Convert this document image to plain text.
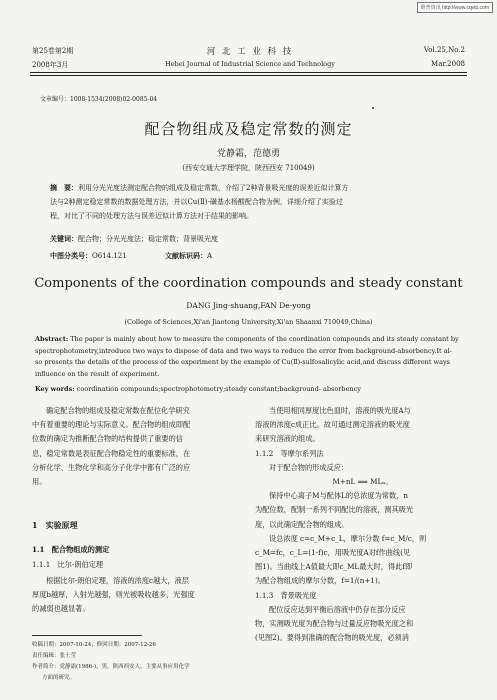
维普资讯 http://www.cqvip.com
第25卷第2期
2008年3月
河 北 工 业 科 技
Hebei Journal of Industrial Science and Technology
Vol.25,No.2
Mar.2008
文章编号：1008-1534(2008)02-0085-04
配合物组成及稳定常数的测定
党静霜，范德勇
(西安交通大学理学院，陕西西安 710049)
摘　要：利用分光光度法测定配合物的组成及稳定常数，介绍了2种背景吸光度的误差近似计算方
法与2种测定稳定常数的数据处理方法，并以Cu(Ⅱ)-磺基水杨酸配合物为例，详细介绍了实验过
程，对比了不同的处理方法与误差近似计算方法对于结果的影响。
关键词：配合物；分光光度法；稳定常数；背景吸光度
中图分类号：O614.121	文献标识码：A
Components of the coordination compounds and steady constant
DANG Jing-shuang,FAN De-yong
(College of Sciences,Xi'an Jiaotong University,Xi'an Shaanxi 710049,China)
Abstract: The paper is mainly about how to measure the components of the coordination compounds and its steady constant by
spectrophotometry,introduce two ways to dispose of data and two ways to reduce the error from background-absorbency.It al-
so presents the details of the process of the experiment by the example of Cu(Ⅱ)-sulfosalicylic acid,and discuss different ways
influence on the result of experiment.
Key words: coordination compounds;spectrophotometry;steady constant;background- absorbency
确定配合物的组成及稳定常数在配位化学研究
中有着重要的理论与实际意义。配合物的组成即配
位数的确定为推断配合物的结构提供了重要的信
息，稳定常数是表征配合物稳定性的重要标准，在
分析化学、生物化学和高分子化学中都有广泛的应
用。
1　实验原理
1.1　配合物组成的测定
1.1.1　比尔-朗伯定理
根据比尔-朗伯定理，溶液的浓度c越大，液层
厚度b越厚，入射光越强，则光被吸收越多，光强度
的减弱也越显著。
收稿日期：2007-10-24；修回日期：2007-12-26
责任编辑：张士莹
作者简介：党静霜(1986-)，男，陕西西安人，主要从事应用化学
方面的研究。
当使用相同厚度比色皿时，溶液的吸光度A与
溶液的浓度c成正比。故可通过测定溶液的吸光度
来研究溶液的组成。
1.1.2　等摩尔系列法
对于配合物的形成反应：
M+nL ⟹ MLₙ。
保持中心离子M与配体L的总浓度为常数，n
为配位数，配制一系列不同配比的溶液，测其吸光
度，以此确定配合物的组成。
设总浓度 c=c_M+c_L，摩尔分数 f=c_M/c，则
c_M=fc，c_L=(1-f)c，用吸光度A对f作曲线(见
图1)。当曲线上A值最大即c_ML最大时，得此f即
为配合物组成的摩尔分数，f=1/(n+1)。
1.1.3　背景吸光度
配位反应达到平衡后溶液中仍存在部分反应
物，实测吸光度为配合物与过量反应物吸光度之和
(见图2)。要得到准确的配合物的吸光度，必须消
